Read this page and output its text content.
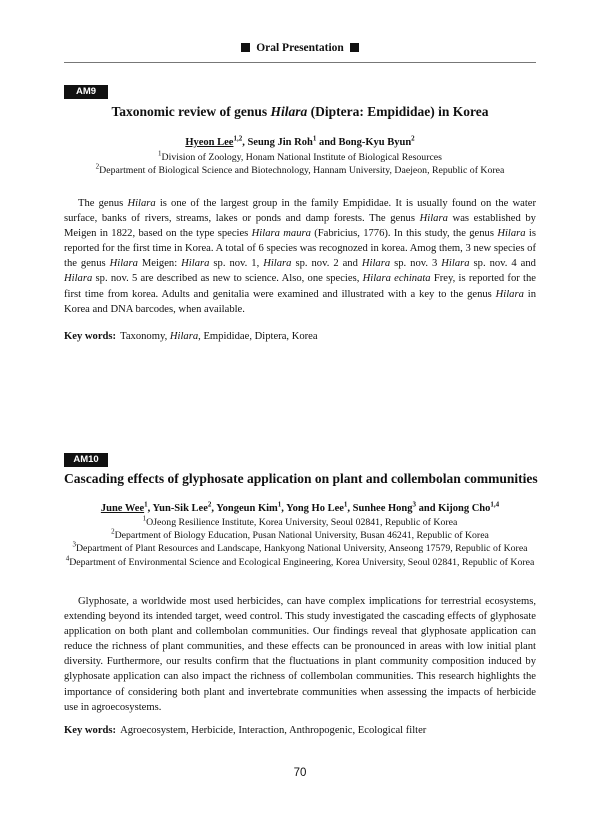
Oral Presentation
AM9
Taxonomic review of genus Hilara (Diptera: Empididae) in Korea
Hyeon Lee$^{1,2}$, Seung Jin Roh$^1$ and Bong-Kyu Byun$^2$
$^1$Division of Zoology, Honam National Institute of Biological Resources
$^2$Department of Biological Science and Biotechnology, Hannam University, Daejeon, Republic of Korea
The genus Hilara is one of the largest group in the family Empididae. It is usually found on the water surface, banks of rivers, streams, lakes or ponds and damp forests. The genus Hilara was established by Meigen in 1822, based on the type species Hilara maura (Fabricius, 1776). In this study, the genus Hilara is reported for the first time in Korea. A total of 6 species was recognozed in korea. Amog them, 3 new species of the genus Hilara Meigen: Hilara sp. nov. 1, Hilara sp. nov. 2 and Hilara sp. nov. 3 Hilara sp. nov. 4 and Hilara sp. nov. 5 are described as new to science. Also, one species, Hilara echinata Frey, is reported for the first time from korea. Adults and genitalia were examined and illustrated with a key to the genus Hilara in Korea and DNA barcodes, when available.
Key words: Taxonomy, Hilara, Empididae, Diptera, Korea
AM10
Cascading effects of glyphosate application on plant and collembolan communities
June Wee$^1$, Yun-Sik Lee$^2$, Yongeun Kim$^1$, Yong Ho Lee$^1$, Sunhee Hong$^3$ and Kijong Cho$^{1,4}$
$^1$OJeong Resilience Institute, Korea University, Seoul 02841, Republic of Korea
$^2$Department of Biology Education, Pusan National University, Busan 46241, Republic of Korea
$^3$Department of Plant Resources and Landscape, Hankyong National University, Anseong 17579, Republic of Korea
$^4$Department of Environmental Science and Ecological Engineering, Korea University, Seoul 02841, Republic of Korea
Glyphosate, a worldwide most used herbicides, can have complex implications for terrestrial ecosystems, extending beyond its intended target, weed control. This study investigated the cascading effects of glyphosate application on both plant and collembolan communities. Our findings reveal that glyphosate application can reduce the richness of plant communities, and these effects can be pronounced in areas with low initial plant diversity. Furthermore, our results confirm that the fluctuations in plant community composition induced by glyphosate application can also impact the richness of collembolan communities. This research highlights the importance of considering both plant and invertebrate communities when assessing the impacts of herbicide use in agroecosystems.
Key words: Agroecosystem, Herbicide, Interaction, Anthropogenic, Ecological filter
70
